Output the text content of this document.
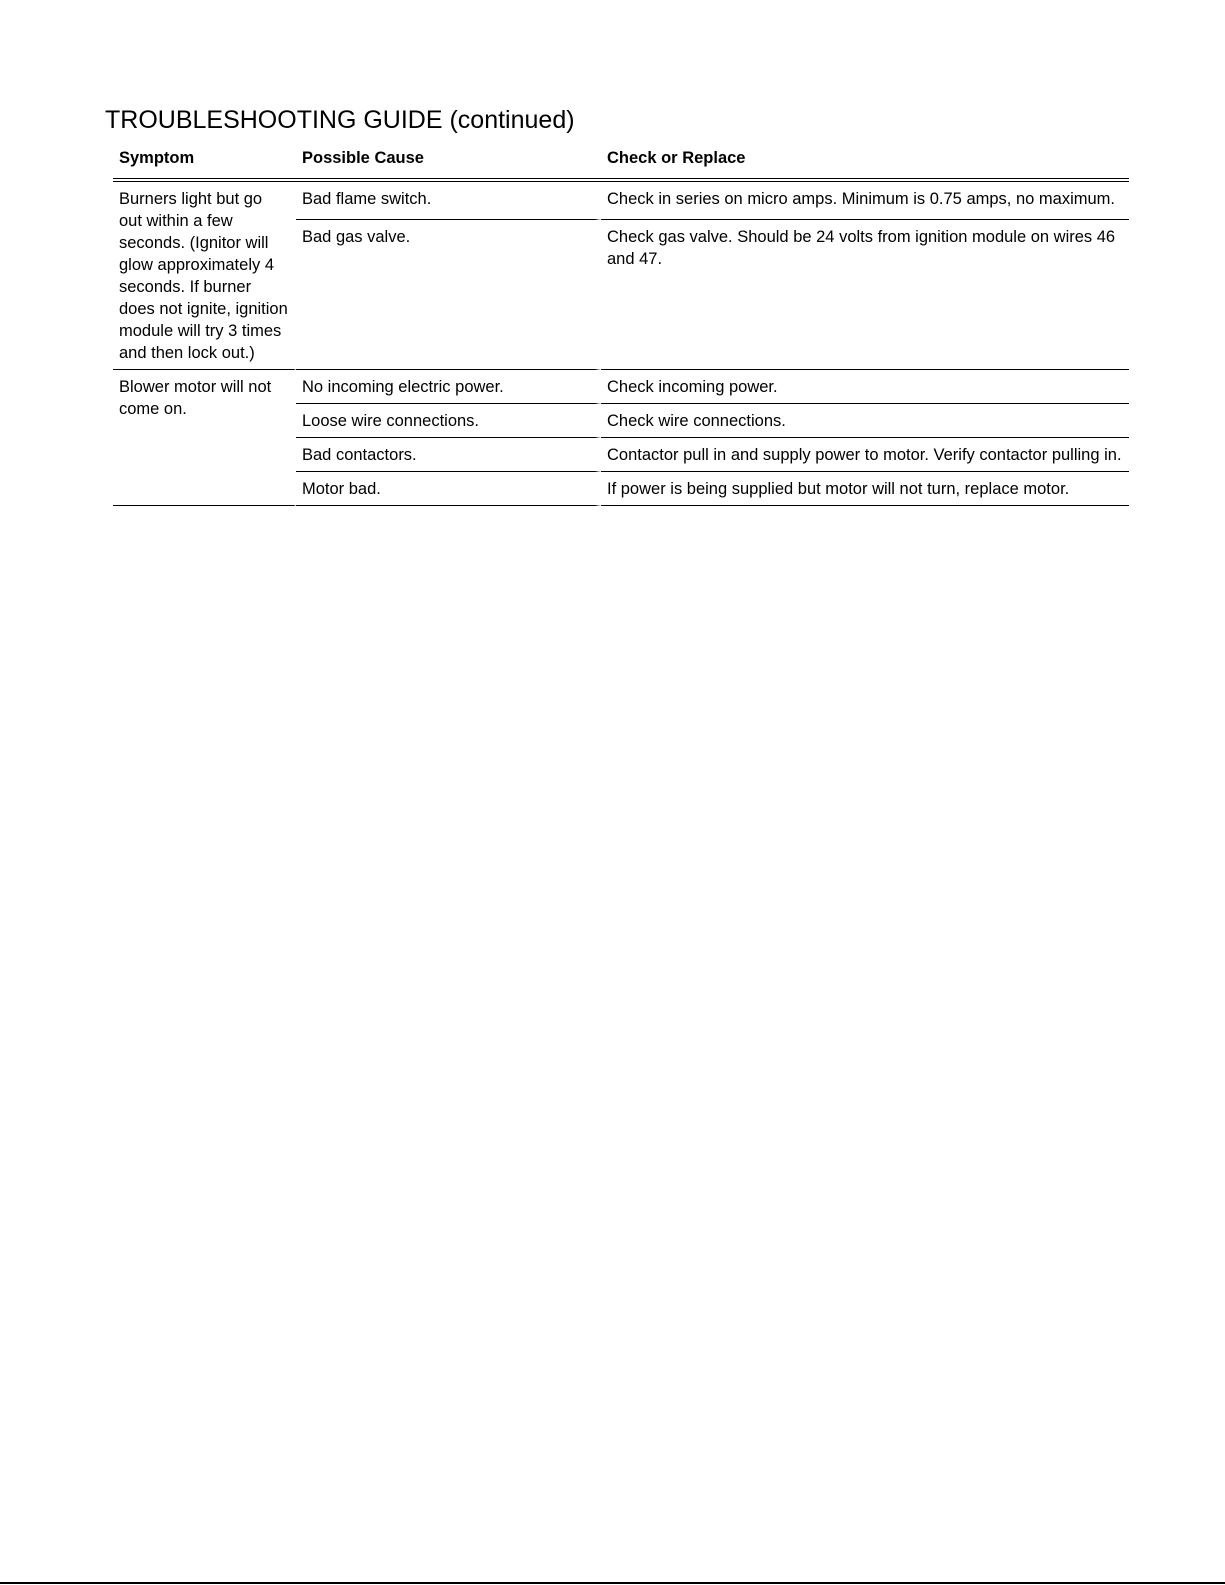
TROUBLESHOOTING GUIDE (continued)
Symptom	Possible Cause	Check or Replace
Burners light but go out within a few seconds. (Ignitor will glow approximately 4 seconds. If burner does not ignite, ignition module will try 3 times and then lock out.)	Bad flame switch.	Check in series on micro amps. Minimum is 0.75 amps, no maximum.
	Bad gas valve.	Check gas valve. Should be 24 volts from ignition module on wires 46 and 47.
Blower motor will not come on.	No incoming electric power.	Check incoming power.
	Loose wire connections.	Check wire connections.
	Bad contactors.	Contactor pull in and supply power to motor. Verify contactor pulling in.
	Motor bad.	If power is being supplied but motor will not turn, replace motor.
